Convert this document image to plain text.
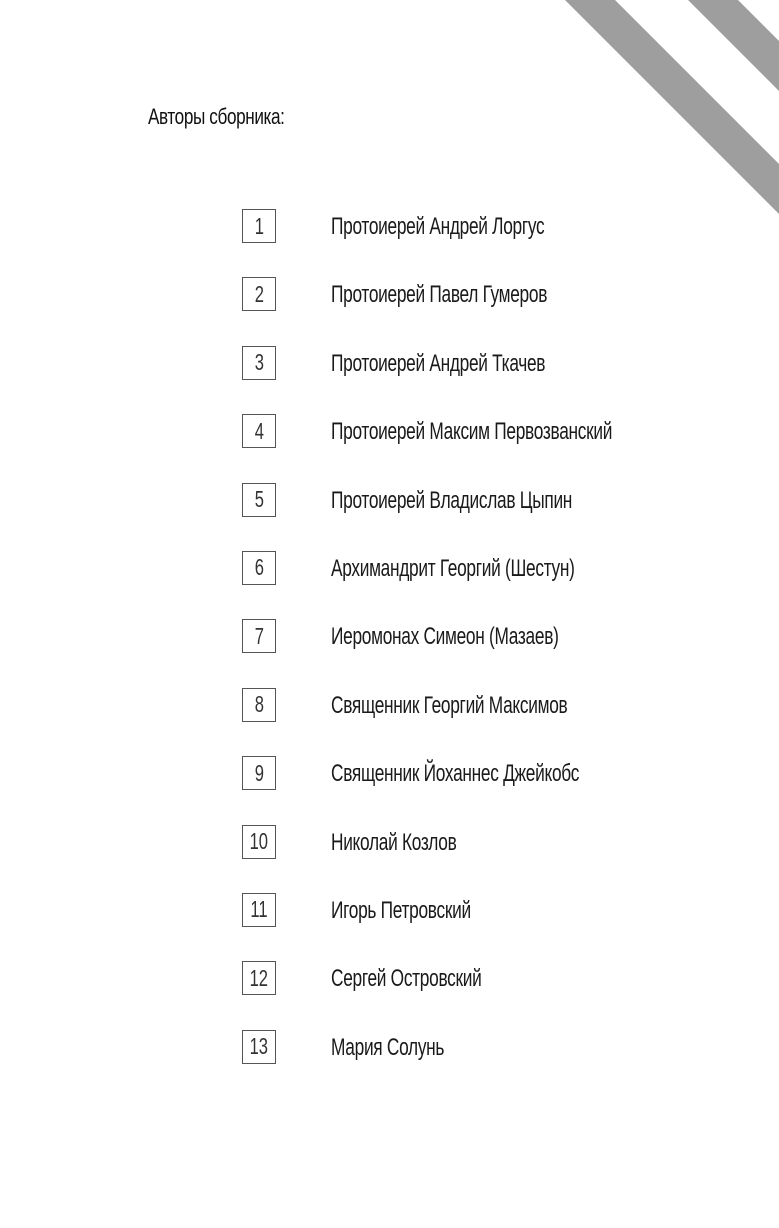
Авторы сборника:
1	Протоиерей Андрей Лоргус
2	Протоиерей Павел Гумеров
3	Протоиерей Андрей Ткачев
4	Протоиерей Максим Первозванский
5	Протоиерей Владислав Цыпин
6	Архимандрит Георгий (Шестун)
7	Иеромонах Симеон (Мазаев)
8	Священник Георгий Максимов
9	Священник Йоханнес Джейкобс
10	Николай Козлов
11	Игорь Петровский
12	Сергей Островский
13	Мария Солунь
